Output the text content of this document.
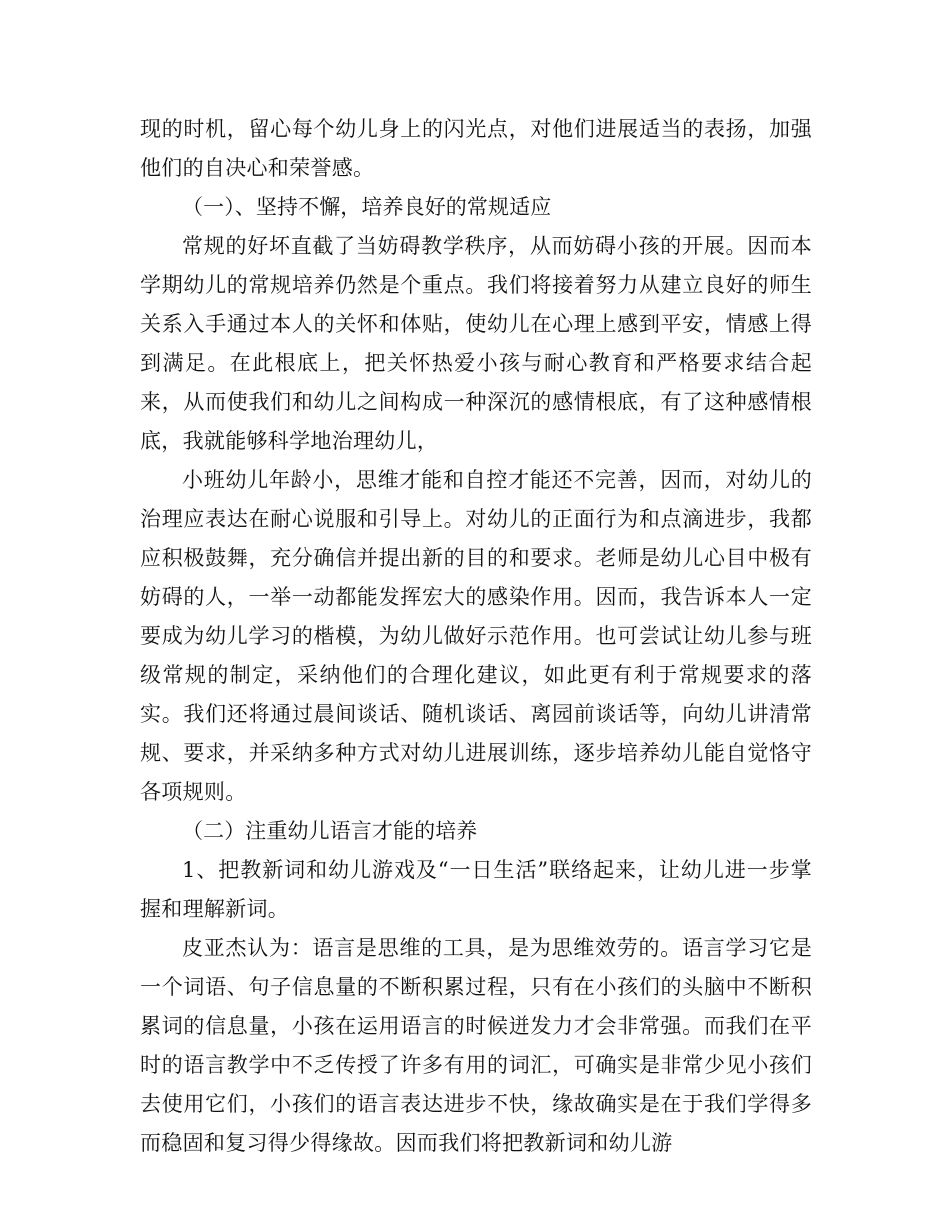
现的时机，留心每个幼儿身上的闪光点，对他们进展适当的表扬，加强他们的自决心和荣誉感。

（一）、坚持不懈，培养良好的常规适应

常规的好坏直截了当妨碍教学秩序，从而妨碍小孩的开展。因而本学期幼儿的常规培养仍然是个重点。我们将接着努力从建立良好的师生关系入手通过本人的关怀和体贴，使幼儿在心理上感到平安，情感上得到满足。在此根底上，把关怀热爱小孩与耐心教育和严格要求结合起来，从而使我们和幼儿之间构成一种深沉的感情根底，有了这种感情根底，我就能够科学地治理幼儿，

小班幼儿年龄小，思维才能和自控才能还不完善，因而，对幼儿的治理应表达在耐心说服和引导上。对幼儿的正面行为和点滴进步，我都应积极鼓舞，充分确信并提出新的目的和要求。老师是幼儿心目中极有妨碍的人，一举一动都能发挥宏大的感染作用。因而，我告诉本人一定要成为幼儿学习的楷模，为幼儿做好示范作用。也可尝试让幼儿参与班级常规的制定，采纳他们的合理化建议，如此更有利于常规要求的落实。我们还将通过晨间谈话、随机谈话、离园前谈话等，向幼儿讲清常规、要求，并采纳多种方式对幼儿进展训练，逐步培养幼儿能自觉恪守各项规则。

（二）注重幼儿语言才能的培养

1、把教新词和幼儿游戏及“一日生活”联络起来，让幼儿进一步掌握和理解新词。

皮亚杰认为：语言是思维的工具，是为思维效劳的。语言学习它是一个词语、句子信息量的不断积累过程，只有在小孩们的头脑中不断积累词的信息量，小孩在运用语言的时候迸发力才会非常强。而我们在平时的语言教学中不乏传授了许多有用的词汇，可确实是非常少见小孩们去使用它们，小孩们的语言表达进步不快，缘故确实是在于我们学得多而稳固和复习得少得缘故。因而我们将把教新词和幼儿游
